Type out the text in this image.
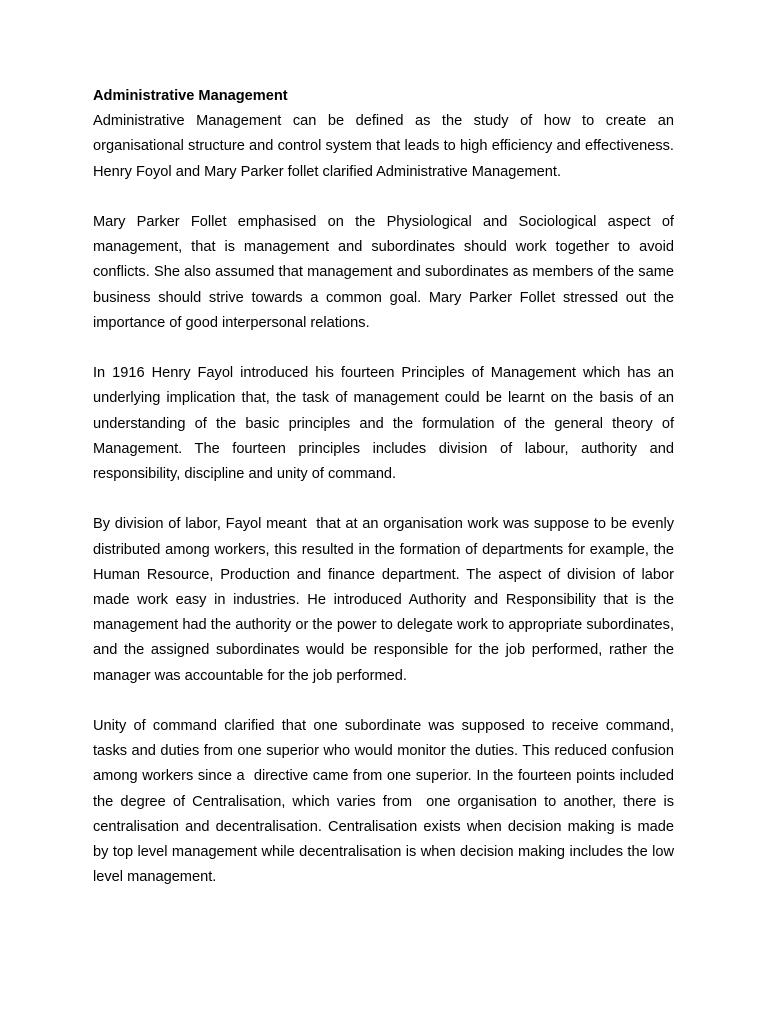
Administrative Management

Administrative Management can be defined as the study of how to create an organisational structure and control system that leads to high efficiency and effectiveness. Henry Foyol and Mary Parker follet clarified Administrative Management.

Mary Parker Follet emphasised on the Physiological and Sociological aspect of management, that is management and subordinates should work together to avoid conflicts. She also assumed that management and subordinates as members of the same business should strive towards a common goal. Mary Parker Follet stressed out the importance of good interpersonal relations.

In 1916 Henry Fayol introduced his fourteen Principles of Management which has an underlying implication that, the task of management could be learnt on the basis of an understanding of the basic principles and the formulation of the general theory of Management. The fourteen principles includes division of labour, authority and responsibility, discipline and unity of command.

By division of labor, Fayol meant  that at an organisation work was suppose to be evenly distributed among workers, this resulted in the formation of departments for example, the Human Resource, Production and finance department. The aspect of division of labor made work easy in industries. He introduced Authority and Responsibility that is the management had the authority or the power to delegate work to appropriate subordinates, and the assigned subordinates would be responsible for the job performed, rather the manager was accountable for the job performed.

Unity of command clarified that one subordinate was supposed to receive command, tasks and duties from one superior who would monitor the duties. This reduced confusion among workers since a  directive came from one superior. In the fourteen points included  the degree of Centralisation, which varies from  one organisation to another, there is centralisation and decentralisation. Centralisation exists when decision making is made by top level management while decentralisation is when decision making includes the low level management.
